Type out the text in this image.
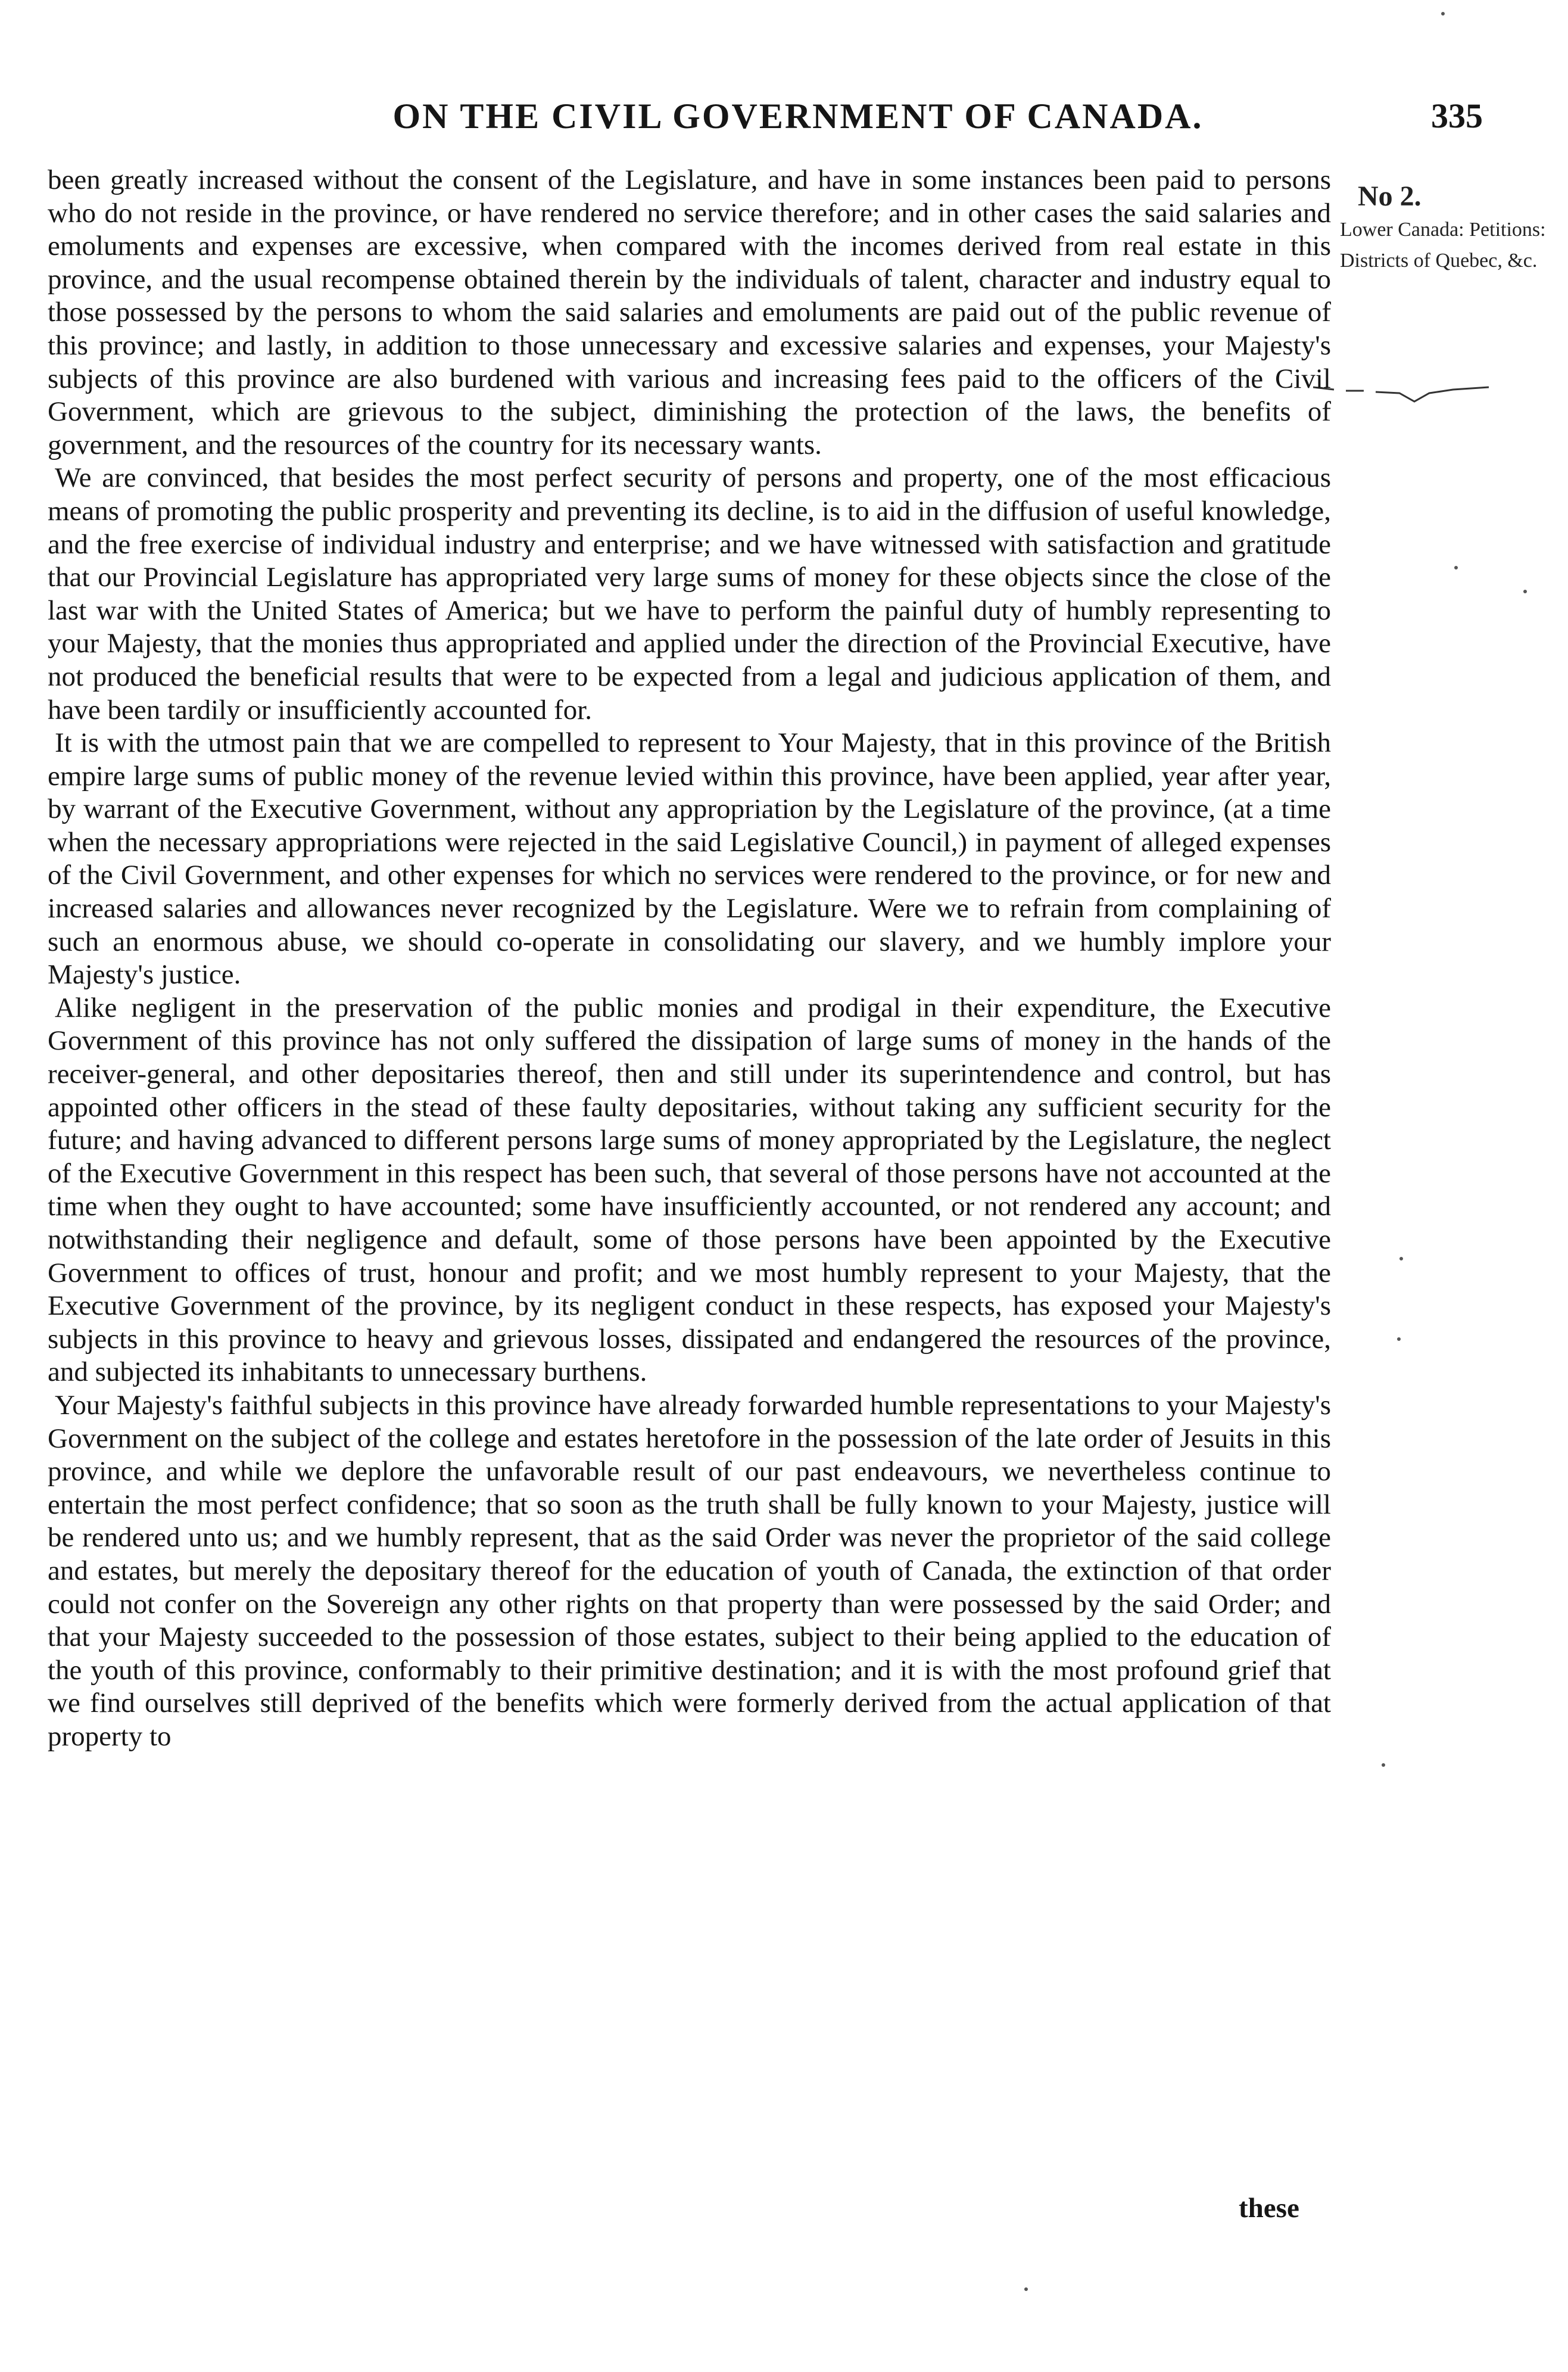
ON THE CIVIL GOVERNMENT OF CANADA.	335
No 2.
Lower Canada: Petitions: Districts of Quebec, &c.

been greatly increased without the consent of the Legislature, and have in some instances been paid to persons who do not reside in the province, or have rendered no service therefore; and in other cases the said salaries and emoluments and expenses are excessive, when compared with the incomes derived from real estate in this province, and the usual recompense obtained therein by the individuals of talent, character and industry equal to those possessed by the persons to whom the said salaries and emoluments are paid out of the public revenue of this province; and lastly, in addition to those unnecessary and excessive salaries and expenses, your Majesty's subjects of this province are also burdened with various and increasing fees paid to the officers of the Civil Government, which are grievous to the subject, diminishing the protection of the laws, the benefits of government, and the resources of the country for its necessary wants.

We are convinced, that besides the most perfect security of persons and property, one of the most efficacious means of promoting the public prosperity and preventing its decline, is to aid in the diffusion of useful knowledge, and the free exercise of individual industry and enterprise; and we have witnessed with satisfaction and gratitude that our Provincial Legislature has appropriated very large sums of money for these objects since the close of the last war with the United States of America; but we have to perform the painful duty of humbly representing to your Majesty, that the monies thus appropriated and applied under the direction of the Provincial Executive, have not produced the beneficial results that were to be expected from a legal and judicious application of them, and have been tardily or insufficiently accounted for.

It is with the utmost pain that we are compelled to represent to Your Majesty, that in this province of the British empire large sums of public money of the revenue levied within this province, have been applied, year after year, by warrant of the Executive Government, without any appropriation by the Legislature of the province, (at a time when the necessary appropriations were rejected in the said Legislative Council,) in payment of alleged expenses of the Civil Government, and other expenses for which no services were rendered to the province, or for new and increased salaries and allowances never recognized by the Legislature. Were we to refrain from complaining of such an enormous abuse, we should co-operate in consolidating our slavery, and we humbly implore your Majesty's justice.

Alike negligent in the preservation of the public monies and prodigal in their expenditure, the Executive Government of this province has not only suffered the dissipation of large sums of money in the hands of the receiver-general, and other depositaries thereof, then and still under its superintendence and control, but has appointed other officers in the stead of these faulty depositaries, without taking any sufficient security for the future; and having advanced to different persons large sums of money appropriated by the Legislature, the neglect of the Executive Government in this respect has been such, that several of those persons have not accounted at the time when they ought to have accounted; some have insufficiently accounted, or not rendered any account; and notwithstanding their negligence and default, some of those persons have been appointed by the Executive Government to offices of trust, honour and profit; and we most humbly represent to your Majesty, that the Executive Government of the province, by its negligent conduct in these respects, has exposed your Majesty's subjects in this province to heavy and grievous losses, dissipated and endangered the resources of the province, and subjected its inhabitants to unnecessary burthens.

Your Majesty's faithful subjects in this province have already forwarded humble representations to your Majesty's Government on the subject of the college and estates heretofore in the possession of the late order of Jesuits in this province, and while we deplore the unfavorable result of our past endeavours, we nevertheless continue to entertain the most perfect confidence; that so soon as the truth shall be fully known to your Majesty, justice will be rendered unto us; and we humbly represent, that as the said Order was never the proprietor of the said college and estates, but merely the depositary thereof for the education of youth of Canada, the extinction of that order could not confer on the Sovereign any other rights on that property than were possessed by the said Order; and that your Majesty succeeded to the possession of those estates, subject to their being applied to the education of the youth of this province, conformably to their primitive destination; and it is with the most profound grief that we find ourselves still deprived of the benefits which were formerly derived from the actual application of that property to

these
